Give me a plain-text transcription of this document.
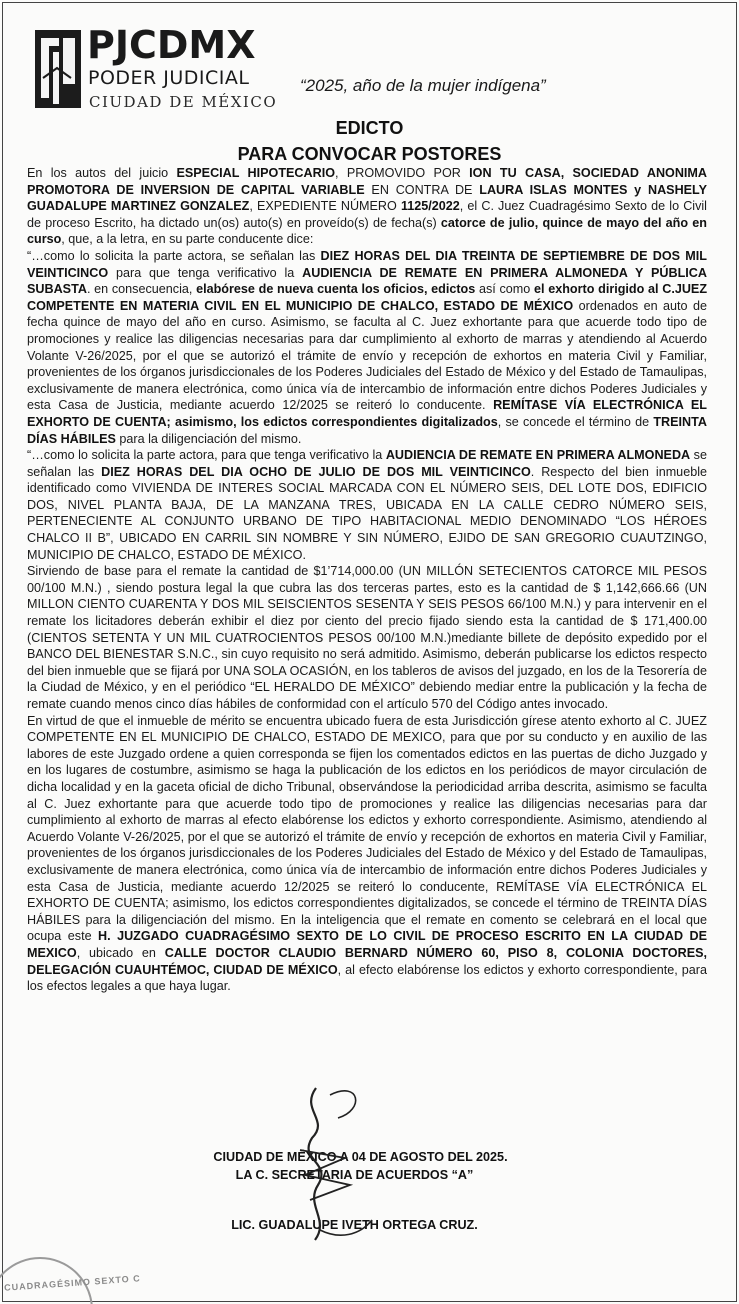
PJCDMX
PODER JUDICIAL
CIUDAD DE MÉXICO
“2025, año de la mujer indígena”
EDICTO
PARA CONVOCAR POSTORES

En los autos del juicio ESPECIAL HIPOTECARIO, PROMOVIDO POR ION TU CASA, SOCIEDAD ANONIMA PROMOTORA DE INVERSION DE CAPITAL VARIABLE EN CONTRA DE LAURA ISLAS MONTES y NASHELY GUADALUPE MARTINEZ GONZALEZ, EXPEDIENTE NÚMERO 1125/2022, el C. Juez Cuadragésimo Sexto de lo Civil de proceso Escrito, ha dictado un(os) auto(s) en proveído(s) de fecha(s) catorce de julio, quince de mayo del año en curso, que, a la letra, en su parte conducente dice:

“…como lo solicita la parte actora, se señalan las DIEZ HORAS DEL DIA TREINTA DE SEPTIEMBRE DE DOS MIL VEINTICINCO para que tenga verificativo la AUDIENCIA DE REMATE EN PRIMERA ALMONEDA Y PÚBLICA SUBASTA. en consecuencia, elabórese de nueva cuenta los oficios, edictos así como el exhorto dirigido al C.JUEZ COMPETENTE EN MATERIA CIVIL EN EL MUNICIPIO DE CHALCO, ESTADO DE MÉXICO ordenados en auto de fecha quince de mayo del año en curso. Asimismo, se faculta al C. Juez exhortante para que acuerde todo tipo de promociones y realice las diligencias necesarias para dar cumplimiento al exhorto de marras y atendiendo al Acuerdo Volante V-26/2025, por el que se autorizó el trámite de envío y recepción de exhortos en materia Civil y Familiar, provenientes de los órganos jurisdiccionales de los Poderes Judiciales del Estado de México y del Estado de Tamaulipas, exclusivamente de manera electrónica, como única vía de intercambio de información entre dichos Poderes Judiciales y esta Casa de Justicia, mediante acuerdo 12/2025 se reiteró lo conducente. REMÍTASE VÍA ELECTRÓNICA EL EXHORTO DE CUENTA; asimismo, los edictos correspondientes digitalizados, se concede el término de TREINTA DÍAS HÁBILES para la diligenciación del mismo.

“…como lo solicita la parte actora, para que tenga verificativo la AUDIENCIA DE REMATE EN PRIMERA ALMONEDA se señalan las DIEZ HORAS DEL DIA OCHO DE JULIO DE DOS MIL VEINTICINCO. Respecto del bien inmueble identificado como VIVIENDA DE INTERES SOCIAL MARCADA CON EL NÚMERO SEIS, DEL LOTE DOS, EDIFICIO DOS, NIVEL PLANTA BAJA, DE LA MANZANA TRES, UBICADA EN LA CALLE CEDRO NÚMERO SEIS, PERTENECIENTE AL CONJUNTO URBANO DE TIPO HABITACIONAL MEDIO DENOMINADO “LOS HÉROES CHALCO II B”, UBICADO EN CARRIL SIN NOMBRE Y SIN NÚMERO, EJIDO DE SAN GREGORIO CUAUTZINGO, MUNICIPIO DE CHALCO, ESTADO DE MÉXICO.

Sirviendo de base para el remate la cantidad de $1’714,000.00 (UN MILLÓN SETECIENTOS CATORCE MIL PESOS 00/100 M.N.) , siendo postura legal la que cubra las dos terceras partes, esto es la cantidad de $ 1,142,666.66 (UN MILLON CIENTO CUARENTA Y DOS MIL SEISCIENTOS SESENTA Y SEIS PESOS 66/100 M.N.) y para intervenir en el remate los licitadores deberán exhibir el diez por ciento del precio fijado siendo esta la cantidad de $ 171,400.00 (CIENTOS SETENTA Y UN MIL CUATROCIENTOS PESOS 00/100 M.N.)mediante billete de depósito expedido por el BANCO DEL BIENESTAR S.N.C., sin cuyo requisito no será admitido. Asimismo, deberán publicarse los edictos respecto del bien inmueble que se fijará por UNA SOLA OCASIÓN, en los tableros de avisos del juzgado, en los de la Tesorería de la Ciudad de México, y en el periódico “EL HERALDO DE MÉXICO” debiendo mediar entre la publicación y la fecha de remate cuando menos cinco días hábiles de conformidad con el artículo 570 del Código antes invocado.

En virtud de que el inmueble de mérito se encuentra ubicado fuera de esta Jurisdicción gírese atento exhorto al C. JUEZ COMPETENTE EN EL MUNICIPIO DE CHALCO, ESTADO DE MEXICO, para que por su conducto y en auxilio de las labores de este Juzgado ordene a quien corresponda se fijen los comentados edictos en las puertas de dicho Juzgado y en los lugares de costumbre, asimismo se haga la publicación de los edictos en los periódicos de mayor circulación de dicha localidad y en la gaceta oficial de dicho Tribunal, observándose la periodicidad arriba descrita, asimismo se faculta al C. Juez exhortante para que acuerde todo tipo de promociones y realice las diligencias necesarias para dar cumplimiento al exhorto de marras al efecto elabórense los edictos y exhorto correspondiente. Asimismo, atendiendo al Acuerdo Volante V-26/2025, por el que se autorizó el trámite de envío y recepción de exhortos en materia Civil y Familiar, provenientes de los órganos jurisdiccionales de los Poderes Judiciales del Estado de México y del Estado de Tamaulipas, exclusivamente de manera electrónica, como única vía de intercambio de información entre dichos Poderes Judiciales y esta Casa de Justicia, mediante acuerdo 12/2025 se reiteró lo conducente, REMÍTASE VÍA ELECTRÓNICA EL EXHORTO DE CUENTA; asimismo, los edictos correspondientes digitalizados, se concede el término de TREINTA DÍAS HÁBILES para la diligenciación del mismo. En la inteligencia que el remate en comento se celebrará en el local que ocupa este H. JUZGADO CUADRAGÉSIMO SEXTO DE LO CIVIL DE PROCESO ESCRITO EN LA CIUDAD DE MEXICO, ubicado en CALLE DOCTOR CLAUDIO BERNARD NÚMERO 60, PISO 8, COLONIA DOCTORES, DELEGACIÓN CUAUHTÉMOC, CIUDAD DE MÉXICO, al efecto elabórense los edictos y exhorto correspondiente, para los efectos legales a que haya lugar.

CIUDAD DE MÉXICO A 04 DE AGOSTO DEL 2025.
LA C. SECRETARIA DE ACUERDOS “A”
LIC. GUADALUPE IVETH ORTEGA CRUZ.
CUADRAGÉSIMO SEXTO C
